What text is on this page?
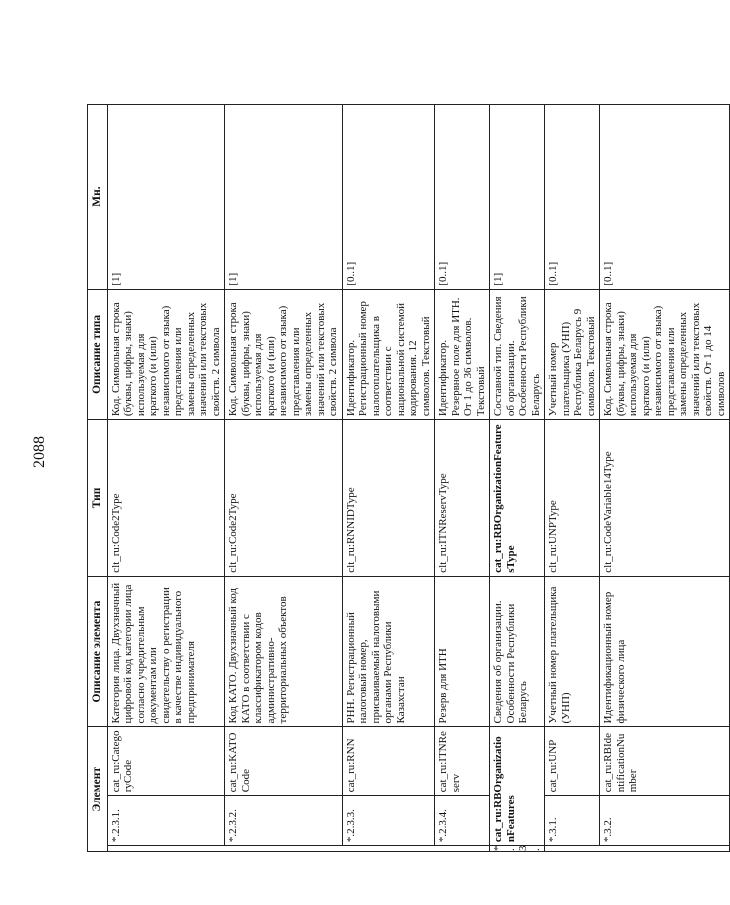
2088
Элемент			Описание элемента	Тип	Описание типа	Мн.
	*.2.3.1.	cat_ru:CategoryCode	Категория лица. Двухзначный цифровой код категории лица согласно учредительным документам или свидетельству о регистрации в качестве индивидуального предпринимателя	clt_ru:Code2Type	Код. Символьная строка (буквы, цифры, знаки) используемая для краткого (и (или) независимого от языка) представления или замены определенных значений или текстовых свойств. 2 символа	[1]
	*.2.3.2.	cat_ru:KATOCode	Код КАТО. Двухзначный код КАТО в соответствии с классификатором кодов административно-территориальных объектов	clt_ru:Code2Type	Код. Символьная строка (буквы, цифры, знаки) используемая для краткого (и (или) независимого от языка) представления или замены определенных значений или текстовых свойств. 2 символа	[1]
	*.2.3.3.	cat_ru:RNN	РНН. Регистрационный налоговый номер, присваиваемый налоговыми органами Республики Казахстан	clt_ru:RNNIDType	Идентификатор. Регистрационный номер налогоплательщика в соответствии с национальной системой кодирования. 12 символов. Текстовый	[0..1]
	*.2.3.4.	cat_ru:ITNReserv	Резерв для ИТН	clt_ru:ITNReservType	Идентификатор. Резервное поле для ИТН. От 1 до 36 символов. Текстовый	[0..1]
*.3.	cat_ru:RBOrganizationFeatures		Сведения об организации. Особенности Республики Беларусь	cat_ru:RBOrganizationFeaturesType	Составной тип. Сведения об организации. Особенности Республики Беларусь	[1]
	*.3.1.	cat_ru:UNP	Учетный номер плательщика (УНП)	clt_ru:UNPType	Учетный номер плательщика (УНП) Республика Беларусь 9 символов. Текстовый	[0..1]
	*.3.2.	cat_ru:RBIdentificationNumber	Идентификационный номер физического лица	clt_ru:CodeVariable14Type	Код. Символьная строка (буквы, цифры, знаки) используемая для краткого (и (или) независимого от языка) представления или замены определенных значений или текстовых свойств. От 1 до 14 символов	[0..1]
